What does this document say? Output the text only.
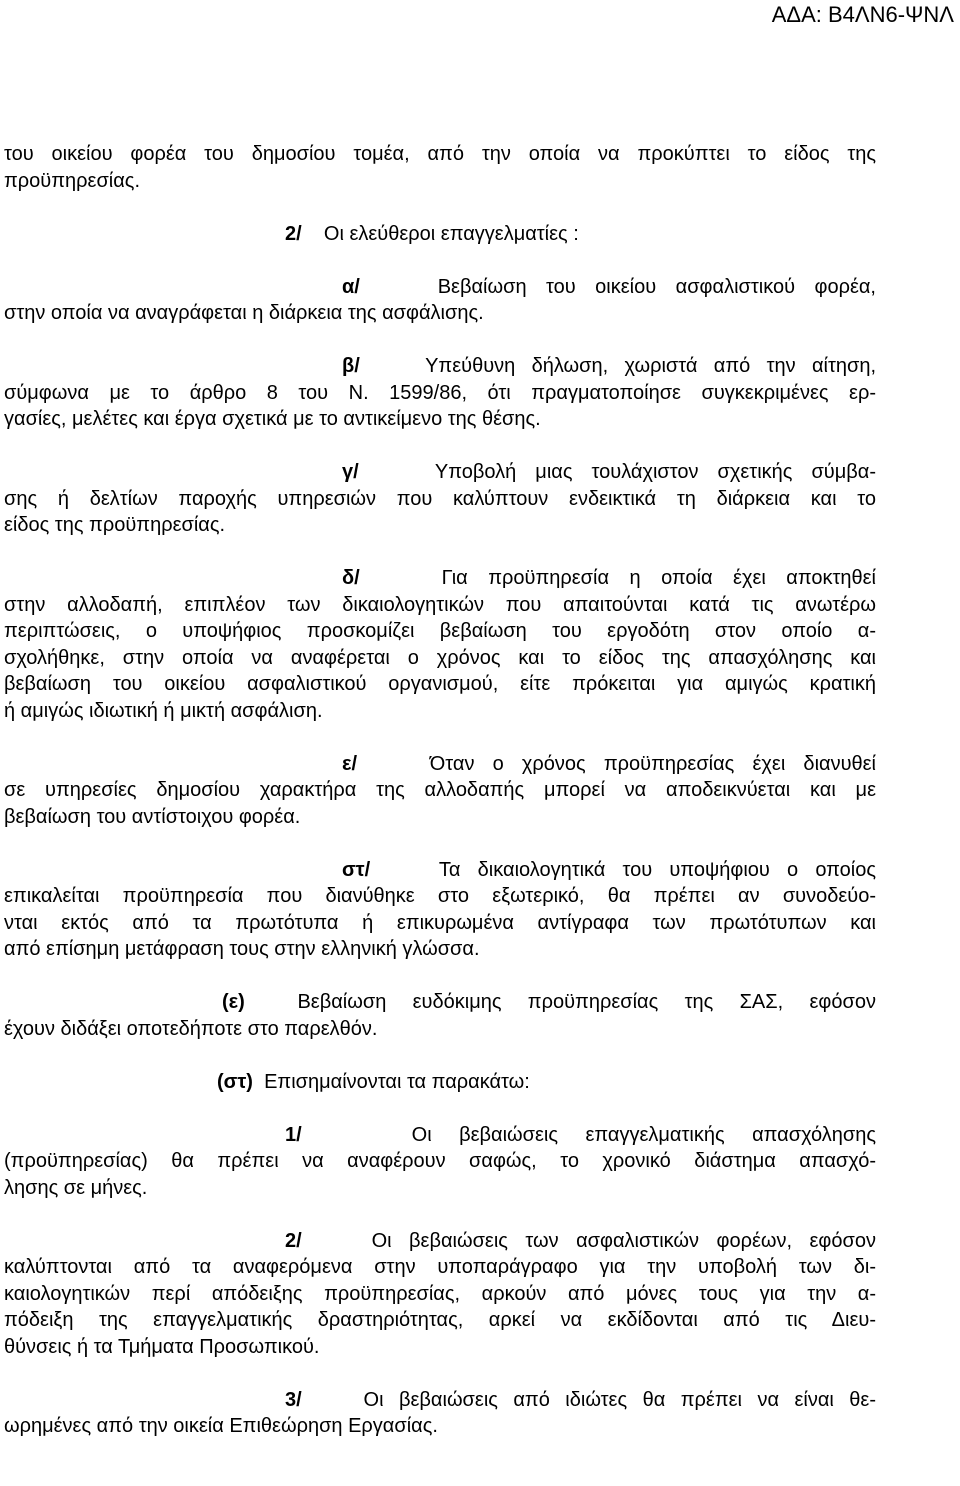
ΑΔΑ: Β4ΛΝ6-ΨΝΛ
του οικείου φορέα του δημοσίου τομέα, από την οποία να προκύπτει το είδος της
προϋπηρεσίας.
2/ Οι ελεύθεροι επαγγελματίες :
α/	Βεβαίωση του οικείου ασφαλιστικού φορέα,
στην οποία να αναγράφεται η διάρκεια της ασφάλισης.
β/	Υπεύθυνη δήλωση, χωριστά από την αίτηση,
σύμφωνα με το άρθρο 8 του Ν. 1599/86, ότι πραγματοποίησε συγκεκριμένες ερ-
γασίες, μελέτες και έργα σχετικά με το αντικείμενο της θέσης.
γ/	Υποβολή μιας τουλάχιστον σχετικής σύμβα-
σης ή δελτίων παροχής υπηρεσιών που καλύπτουν ενδεικτικά τη διάρκεια και το
είδος της προϋπηρεσίας.
δ/	Για προϋπηρεσία η οποία έχει αποκτηθεί
στην αλλοδαπή, επιπλέον των δικαιολογητικών που απαιτούνται κατά τις ανωτέρω
περιπτώσεις, ο υποψήφιος προσκομίζει βεβαίωση του εργοδότη στον οποίο α-
σχολήθηκε, στην οποία να αναφέρεται ο χρόνος και το είδος της απασχόλησης και
βεβαίωση του οικείου ασφαλιστικού οργανισμού, είτε πρόκειται για αμιγώς κρατική
ή αμιγώς ιδιωτική ή μικτή ασφάλιση.
ε/	Όταν ο χρόνος προϋπηρεσίας έχει διανυθεί
σε υπηρεσίες δημοσίου χαρακτήρα της αλλοδαπής μπορεί να αποδεικνύεται και με
βεβαίωση του αντίστοιχου φορέα.
στ/	Τα δικαιολογητικά του υποψήφιου ο οποίος
επικαλείται προϋπηρεσία που διανύθηκε στο εξωτερικό, θα πρέπει αν συνοδεύο-
νται εκτός από τα πρωτότυπα ή επικυρωμένα αντίγραφα των πρωτότυπων και
από επίσημη μετάφραση τους στην ελληνική γλώσσα.
(ε)	Βεβαίωση ευδόκιμης προϋπηρεσίας της ΣΑΣ, εφόσον
έχουν διδάξει οποτεδήποτε στο παρελθόν.
(στ) Επισημαίνονται τα παρακάτω:
1/	Οι βεβαιώσεις επαγγελματικής απασχόλησης
(προϋπηρεσίας) θα πρέπει να αναφέρουν σαφώς, το χρονικό διάστημα απασχό-
λησης σε μήνες.
2/	Οι βεβαιώσεις των ασφαλιστικών φορέων, εφόσον
καλύπτονται από τα αναφερόμενα στην υποπαράγραφο για την υποβολή των δι-
καιολογητικών περί απόδειξης προϋπηρεσίας, αρκούν από μόνες τους για την α-
πόδειξη της επαγγελματικής δραστηριότητας, αρκεί να εκδίδονται από τις Διευ-
θύνσεις ή τα Τμήματα Προσωπικού.
3/	Οι βεβαιώσεις από ιδιώτες θα πρέπει να είναι θε-
ωρημένες από την οικεία Επιθεώρηση Εργασίας.
